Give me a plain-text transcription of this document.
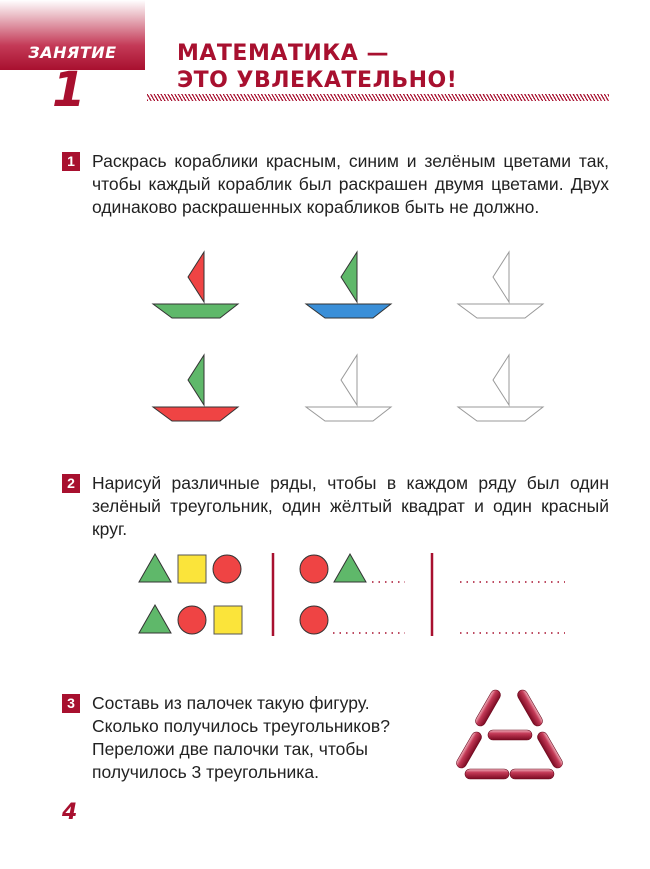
ЗАНЯТИЕ
1
МАТЕМАТИКА —
ЭТО УВЛЕКАТЕЛЬНО!
1 Раскрась кораблики красным, синим и зелёным цветами так, чтобы каждый кораблик был раскрашен двумя цветами. Двух одинаково раскрашенных корабликов быть не должно.
2 Нарисуй различные ряды, чтобы в каждом ряду был один зелёный треугольник, один жёлтый квадрат и один красный круг.
3 Составь из палочек такую фигуру.
Сколько получилось треугольников?
Переложи две палочки так, чтобы
получилось 3 треугольника.
4
